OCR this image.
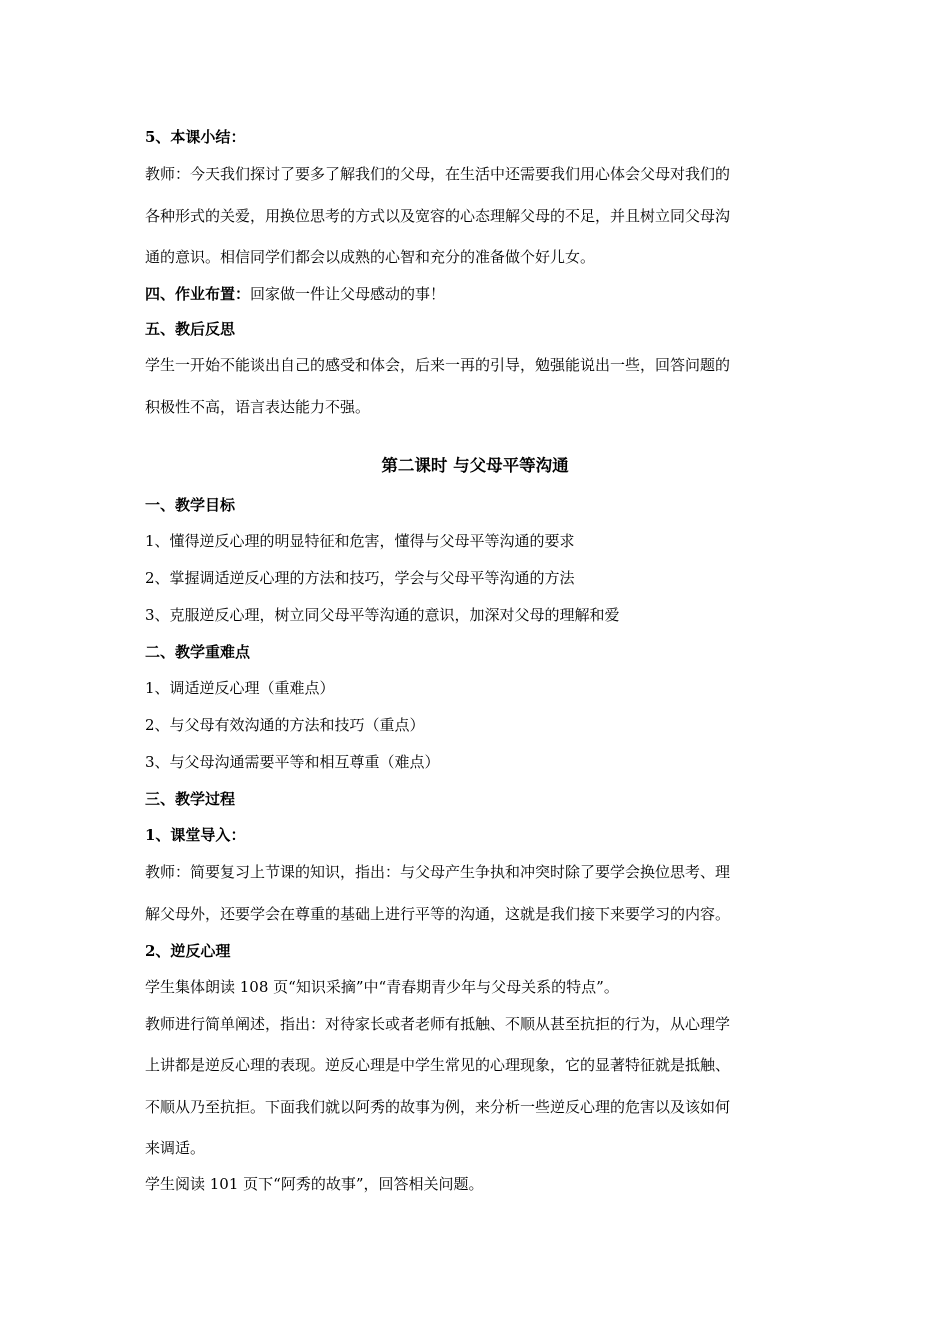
5、本课小结：
教师：今天我们探讨了要多了解我们的父母，在生活中还需要我们用心体会父母对我们的
各种形式的关爱，用换位思考的方式以及宽容的心态理解父母的不足，并且树立同父母沟
通的意识。相信同学们都会以成熟的心智和充分的准备做个好儿女。
四、作业布置：回家做一件让父母感动的事！
五、教后反思
学生一开始不能谈出自己的感受和体会，后来一再的引导，勉强能说出一些，回答问题的
积极性不高，语言表达能力不强。
第二课时 与父母平等沟通
一、教学目标
1、懂得逆反心理的明显特征和危害，懂得与父母平等沟通的要求
2、掌握调适逆反心理的方法和技巧，学会与父母平等沟通的方法
3、克服逆反心理，树立同父母平等沟通的意识，加深对父母的理解和爱
二、教学重难点
1、调适逆反心理（重难点）
2、与父母有效沟通的方法和技巧（重点）
3、与父母沟通需要平等和相互尊重（难点）
三、教学过程
1、课堂导入：
教师：简要复习上节课的知识，指出：与父母产生争执和冲突时除了要学会换位思考、理
解父母外，还要学会在尊重的基础上进行平等的沟通，这就是我们接下来要学习的内容。
2、逆反心理
学生集体朗读 108 页“知识采摘”中“青春期青少年与父母关系的特点”。
教师进行简单阐述，指出：对待家长或者老师有抵触、不顺从甚至抗拒的行为，从心理学
上讲都是逆反心理的表现。逆反心理是中学生常见的心理现象，它的显著特征就是抵触、
不顺从乃至抗拒。下面我们就以阿秀的故事为例，来分析一些逆反心理的危害以及该如何
来调适。
学生阅读 101 页下“阿秀的故事”，回答相关问题。
